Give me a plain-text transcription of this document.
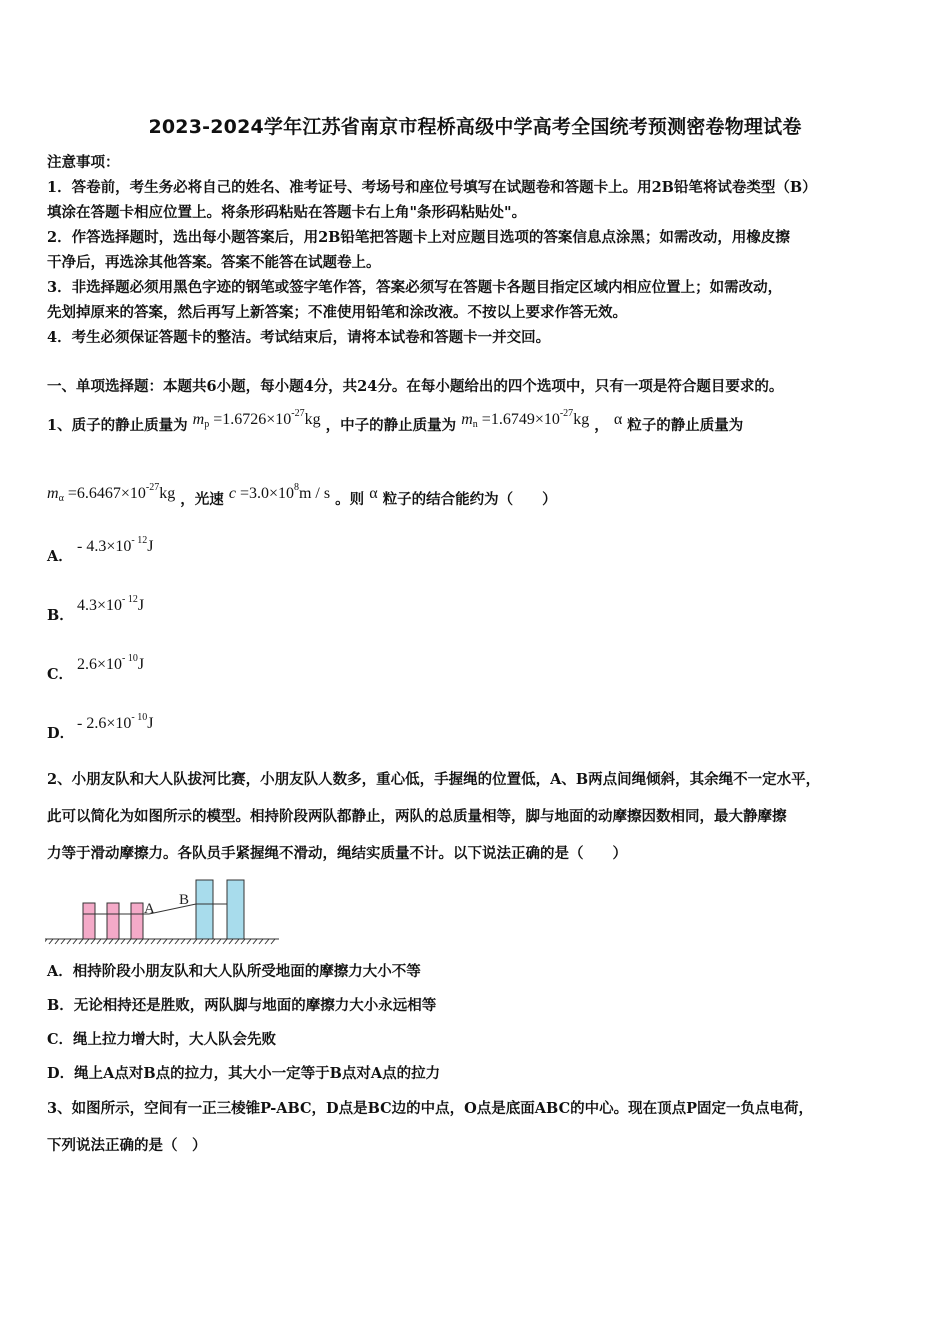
2023-2024学年江苏省南京市程桥高级中学高考全国统考预测密卷物理试卷
注意事项：
1．答卷前，考生务必将自己的姓名、准考证号、考场号和座位号填写在试题卷和答题卡上。用2B铅笔将试卷类型（B）
填涂在答题卡相应位置上。将条形码粘贴在答题卡右上角"条形码粘贴处"。
2．作答选择题时，选出每小题答案后，用2B铅笔把答题卡上对应题目选项的答案信息点涂黑；如需改动，用橡皮擦
干净后，再选涂其他答案。答案不能答在试题卷上。
3．非选择题必须用黑色字迹的钢笔或签字笔作答，答案必须写在答题卡各题目指定区域内相应位置上；如需改动，
先划掉原来的答案，然后再写上新答案；不准使用铅笔和涂改液。不按以上要求作答无效。
4．考生必须保证答题卡的整洁。考试结束后，请将本试卷和答题卡一并交回。
一、单项选择题：本题共6小题，每小题4分，共24分。在每小题给出的四个选项中，只有一项是符合题目要求的。
1、质子的静止质量为 $m_p =1.6726\times 10^{-27}kg$ ，中子的静止质量为 $m_n =1.6749\times 10^{-27}kg$ ， α 粒子的静止质量为
$m_\alpha =6.6467\times 10^{-27}kg$ ，光速 $c =3.0\times 10^8m / s$ 。则 α 粒子的结合能约为（　　）
A．
- $4.3\times 10^{- 12}J$
B．
$4.3\times 10^{- 12}J$
C．
$2.6\times 10^{- 10}J$
D．
- $2.6\times 10^{- 10}J$
2、小朋友队和大人队拔河比赛，小朋友队人数多，重心低，手握绳的位置低，A、B两点间绳倾斜，其余绳不一定水平，
此可以简化为如图所示的模型。相持阶段两队都静止，两队的总质量相等，脚与地面的动摩擦因数相同，最大静摩擦
力等于滑动摩擦力。各队员手紧握绳不滑动，绳结实质量不计。以下说法正确的是（　　）
A
B
A．相持阶段小朋友队和大人队所受地面的摩擦力大小不等
B．无论相持还是胜败，两队脚与地面的摩擦力大小永远相等
C．绳上拉力增大时，大人队会先败
D．绳上A点对B点的拉力，其大小一定等于B点对A点的拉力
3、如图所示，空间有一正三棱锥P-ABC，D点是BC边的中点，O点是底面ABC的中心。现在顶点P固定一负点电荷，
下列说法正确的是（　）
